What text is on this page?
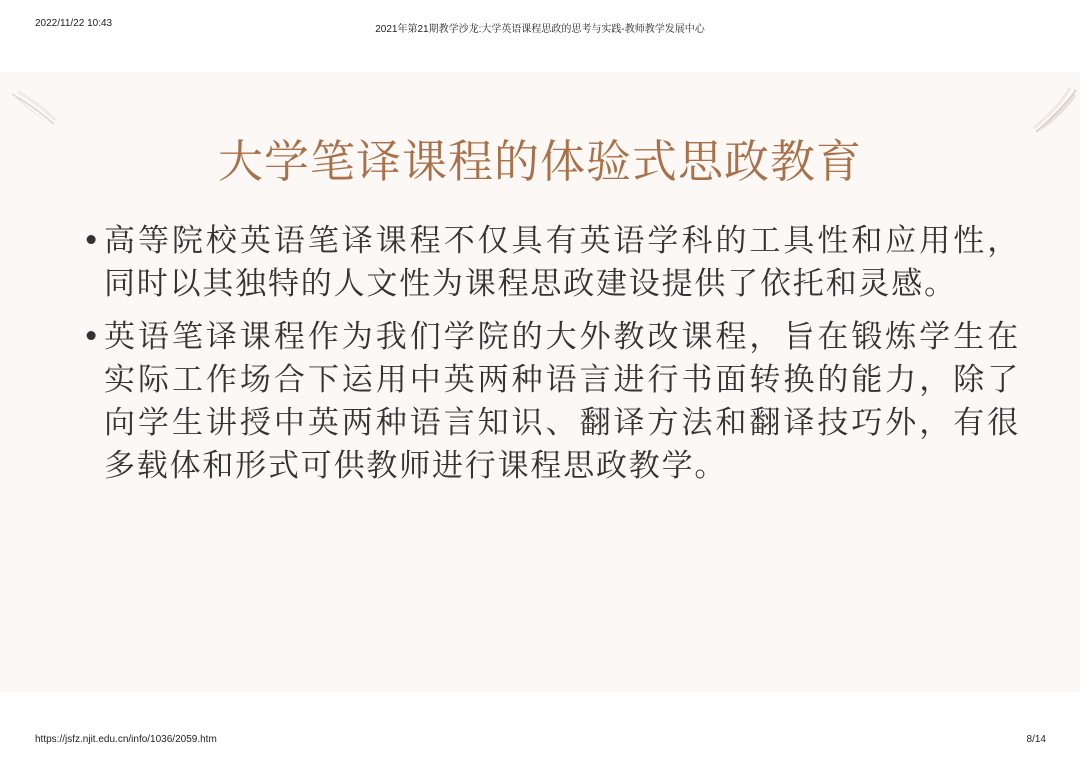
2022/11/22 10:43
2021年第21期教学沙龙:大学英语课程思政的思考与实践-教师教学发展中心
大学笔译课程的体验式思政教育
• 高等院校英语笔译课程不仅具有英语学科的工具性和应用性，同时以其独特的人文性为课程思政建设提供了依托和灵感。
• 英语笔译课程作为我们学院的大外教改课程，旨在锻炼学生在实际工作场合下运用中英两种语言进行书面转换的能力，除了向学生讲授中英两种语言知识、翻译方法和翻译技巧外，有很多载体和形式可供教师进行课程思政教学。
https://jsfz.njit.edu.cn/info/1036/2059.htm	8/14
